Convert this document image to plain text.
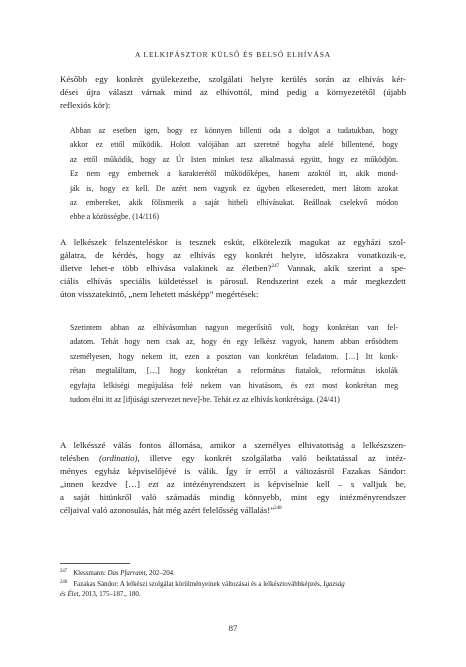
A LELKIPÁSZTOR KÜLSŐ ÉS BELSŐ ELHÍVÁSA

Később egy konkrét gyülekezetbe, szolgálati helyre kerülés során az elhívás kér-
dései újra választ várnak mind az elhívottól, mind pedig a környezetétől (újabb
reflexiós kör):

Abban az esetben igen, hogy ez könnyen billenti oda a dolgot a tudatukban, hogy
akkor ez ettől működik. Holott valójában azt szeretné hogyha afelé billentené, hogy
az ettől működik, hogy az Úr Isten minket tesz alkalmassá együtt, hogy ez működjön.
Ez nem egy embernek a karakterétől működőképes, hanem azoktól itt, akik mond-
ják is, hogy ez kell. De azért nem vagyok ez úgyben elkeseredett, mert látom azokat
az embereket, akik fölismerik a saját hitbeli elhívásukat. Beállnak cselekvő módon
ebbe a közösségbe. (14/116)

A lelkészek felszenteléskor is tesznek esküt, elkötelezik magukat az egyházi szol-
gálatra, de kérdés, hogy az elhívás egy konkrét helyre, időszakra vonatkozik-e,
illetve lehet-e több elhívása valakinek az életben?$^{247}$ Vannak, akik szerint a spe-
ciális elhívás speciális küldetéssel is párosul. Rendszerint ezek a már megkezdett
úton visszatekintő, „nem lehetett másképp” megértések:

Szerintem abban az elhívásomban nagyon megerősítő volt, hogy konkrétan van fel-
adatom. Tehát hogy nem csak az, hogy én egy lelkész vagyok, hanem abban erősödtem
személyesen, hogy nekem itt, ezen a poszton van konkrétan feladatom. […] Itt konk-
rétan megtaláltam, […] hogy konkrétan a református fiatalok, református iskolák
egyfajta lelkiségi megújulása felé nekem van hivatásom, és ezt most konkrétan meg
tudom élni itt az [ifjúsági szervezet neve]-be. Tehát ez az elhívás konkrétsága. (24/41)

A lelkésszé válás fontos állomása, amikor a személyes elhivatottság a lelkészszen-
telésben (ordinatio), illetve egy konkrét szolgálatba való beiktatással az intéz-
ményes egyház képviselőjévé is válik. Így ír erről a változásról Fazakas Sándor:
„innen kezdve […] ezt az intézényrendszert is képviselnie kell – s valljuk be,
a saját hitünkről való számadás mindig könnyebb, mint egy intézményrendszer
céljaival való azonosulás, hát még azért felelősség vállalás!”$^{248}$

$^{247}$ Klessmann: Das Pfarramt, 202–204.
$^{248}$ Fazakas Sándor: A lelkészi szolgálat körülményeinek változásai és a lelkésztovábbképzés, Igazság
és Élet, 2013, 175–187., 180.
87
